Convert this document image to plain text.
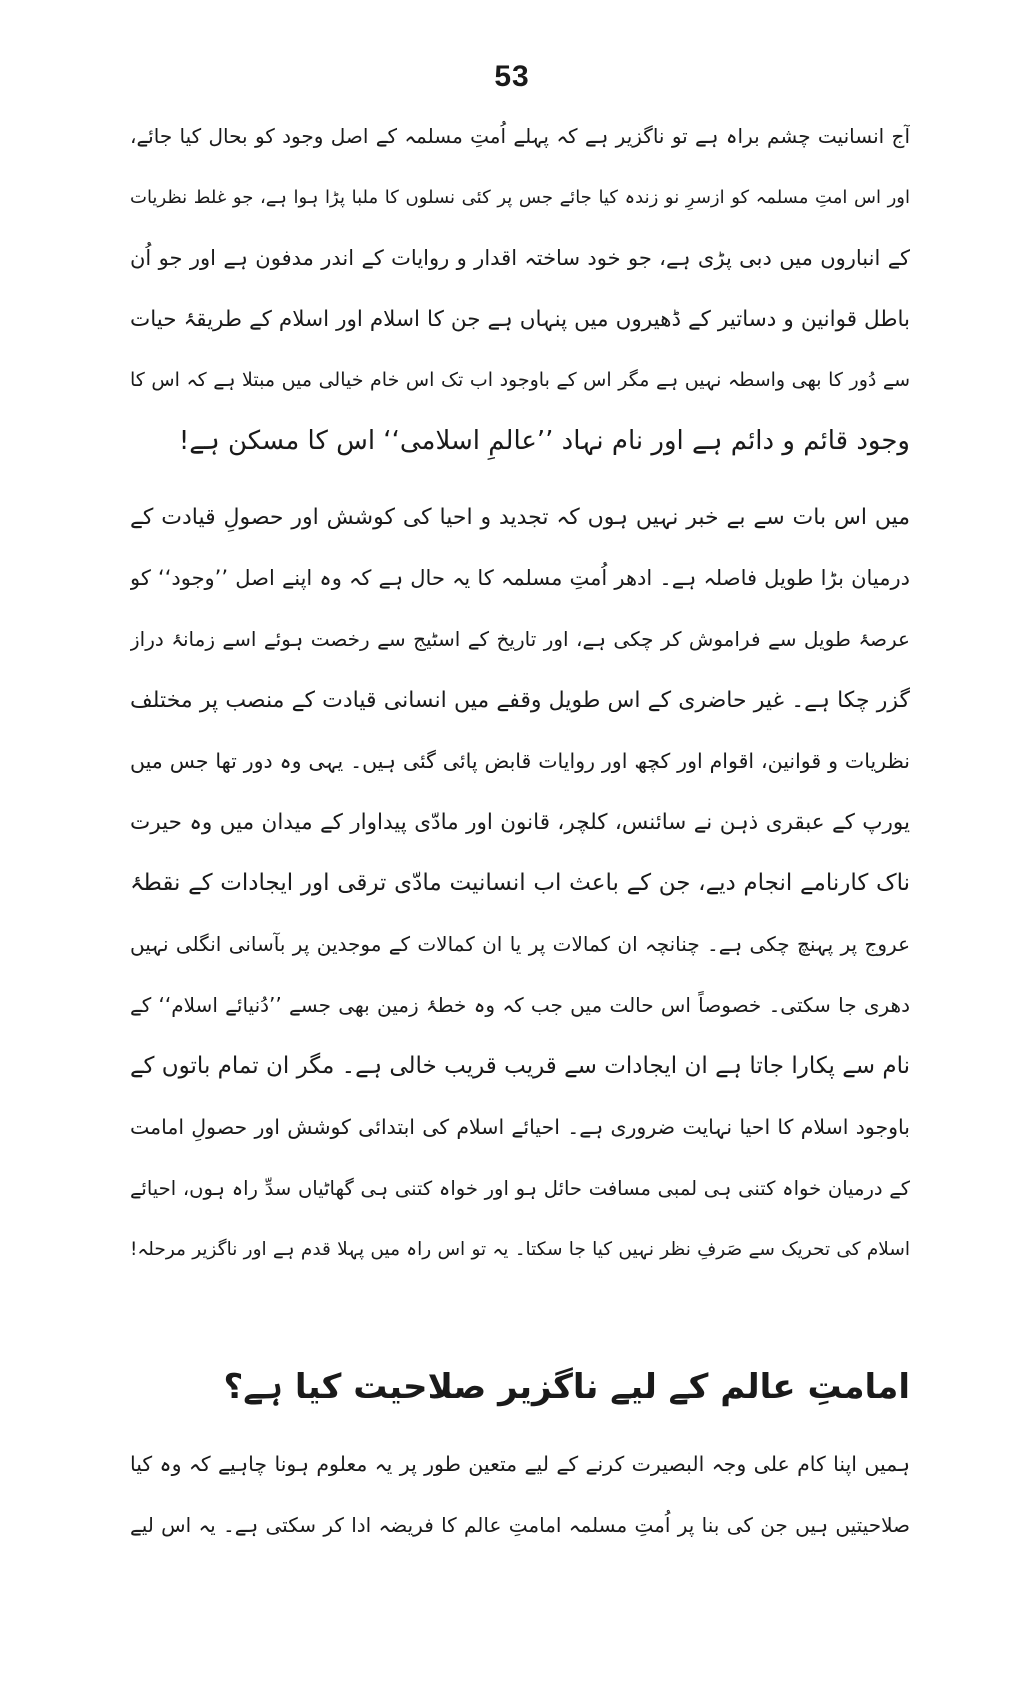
53
آج انسانیت چشم براہ ہے تو ناگزیر ہے کہ پہلے اُمتِ مسلمہ کے اصل وجود کو بحال کیا جائے،
اور اس امتِ مسلمہ کو ازسرِ نو زندہ کیا جائے جس پر کئی نسلوں کا ملبا پڑا ہوا ہے، جو غلط نظریات
کے انباروں میں دبی پڑی ہے، جو خود ساختہ اقدار و روایات کے اندر مدفون ہے اور جو اُن
باطل قوانین و دساتیر کے ڈھیروں میں پنہاں ہے جن کا اسلام اور اسلام کے طریقۂ حیات
سے دُور کا بھی واسطہ نہیں ہے مگر اس کے باوجود اب تک اس خام خیالی میں مبتلا ہے کہ اس کا
وجود قائم و دائم ہے اور نام نہاد ’’عالمِ اسلامی‘‘ اس کا مسکن ہے!
میں اس بات سے بے خبر نہیں ہوں کہ تجدید و احیا کی کوشش اور حصولِ قیادت کے
درمیان بڑا طویل فاصلہ ہے۔ ادھر اُمتِ مسلمہ کا یہ حال ہے کہ وہ اپنے اصل ’’وجود‘‘ کو
عرصۂ طویل سے فراموش کر چکی ہے، اور تاریخ کے اسٹیج سے رخصت ہوئے اسے زمانۂ دراز
گزر چکا ہے۔ غیر حاضری کے اس طویل وقفے میں انسانی قیادت کے منصب پر مختلف
نظریات و قوانین، اقوام اور کچھ اور روایات قابض پائی گئی ہیں۔ یہی وہ دور تھا جس میں
یورپ کے عبقری ذہن نے سائنس، کلچر، قانون اور مادّی پیداوار کے میدان میں وہ حیرت
ناک کارنامے انجام دیے، جن کے باعث اب انسانیت مادّی ترقی اور ایجادات کے نقطۂ
عروج پر پہنچ چکی ہے۔ چنانچہ ان کمالات پر یا ان کمالات کے موجدین پر بآسانی انگلی نہیں
دھری جا سکتی۔ خصوصاً اس حالت میں جب کہ وہ خطۂ زمین بھی جسے ’’دُنیائے اسلام‘‘ کے
نام سے پکارا جاتا ہے ان ایجادات سے قریب قریب خالی ہے۔ مگر ان تمام باتوں کے
باوجود اسلام کا احیا نہایت ضروری ہے۔ احیائے اسلام کی ابتدائی کوشش اور حصولِ امامت
کے درمیان خواہ کتنی ہی لمبی مسافت حائل ہو اور خواہ کتنی ہی گھاٹیاں سدِّ راہ ہوں، احیائے
اسلام کی تحریک سے صَرفِ نظر نہیں کیا جا سکتا۔ یہ تو اس راہ میں پہلا قدم ہے اور ناگزیر مرحلہ!
امامتِ عالم کے لیے ناگزیر صلاحیت کیا ہے؟
ہمیں اپنا کام علی وجہ البصیرت کرنے کے لیے متعین طور پر یہ معلوم ہونا چاہیے کہ وہ کیا
صلاحیتیں ہیں جن کی بنا پر اُمتِ مسلمہ امامتِ عالم کا فریضہ ادا کر سکتی ہے۔ یہ اس لیے
